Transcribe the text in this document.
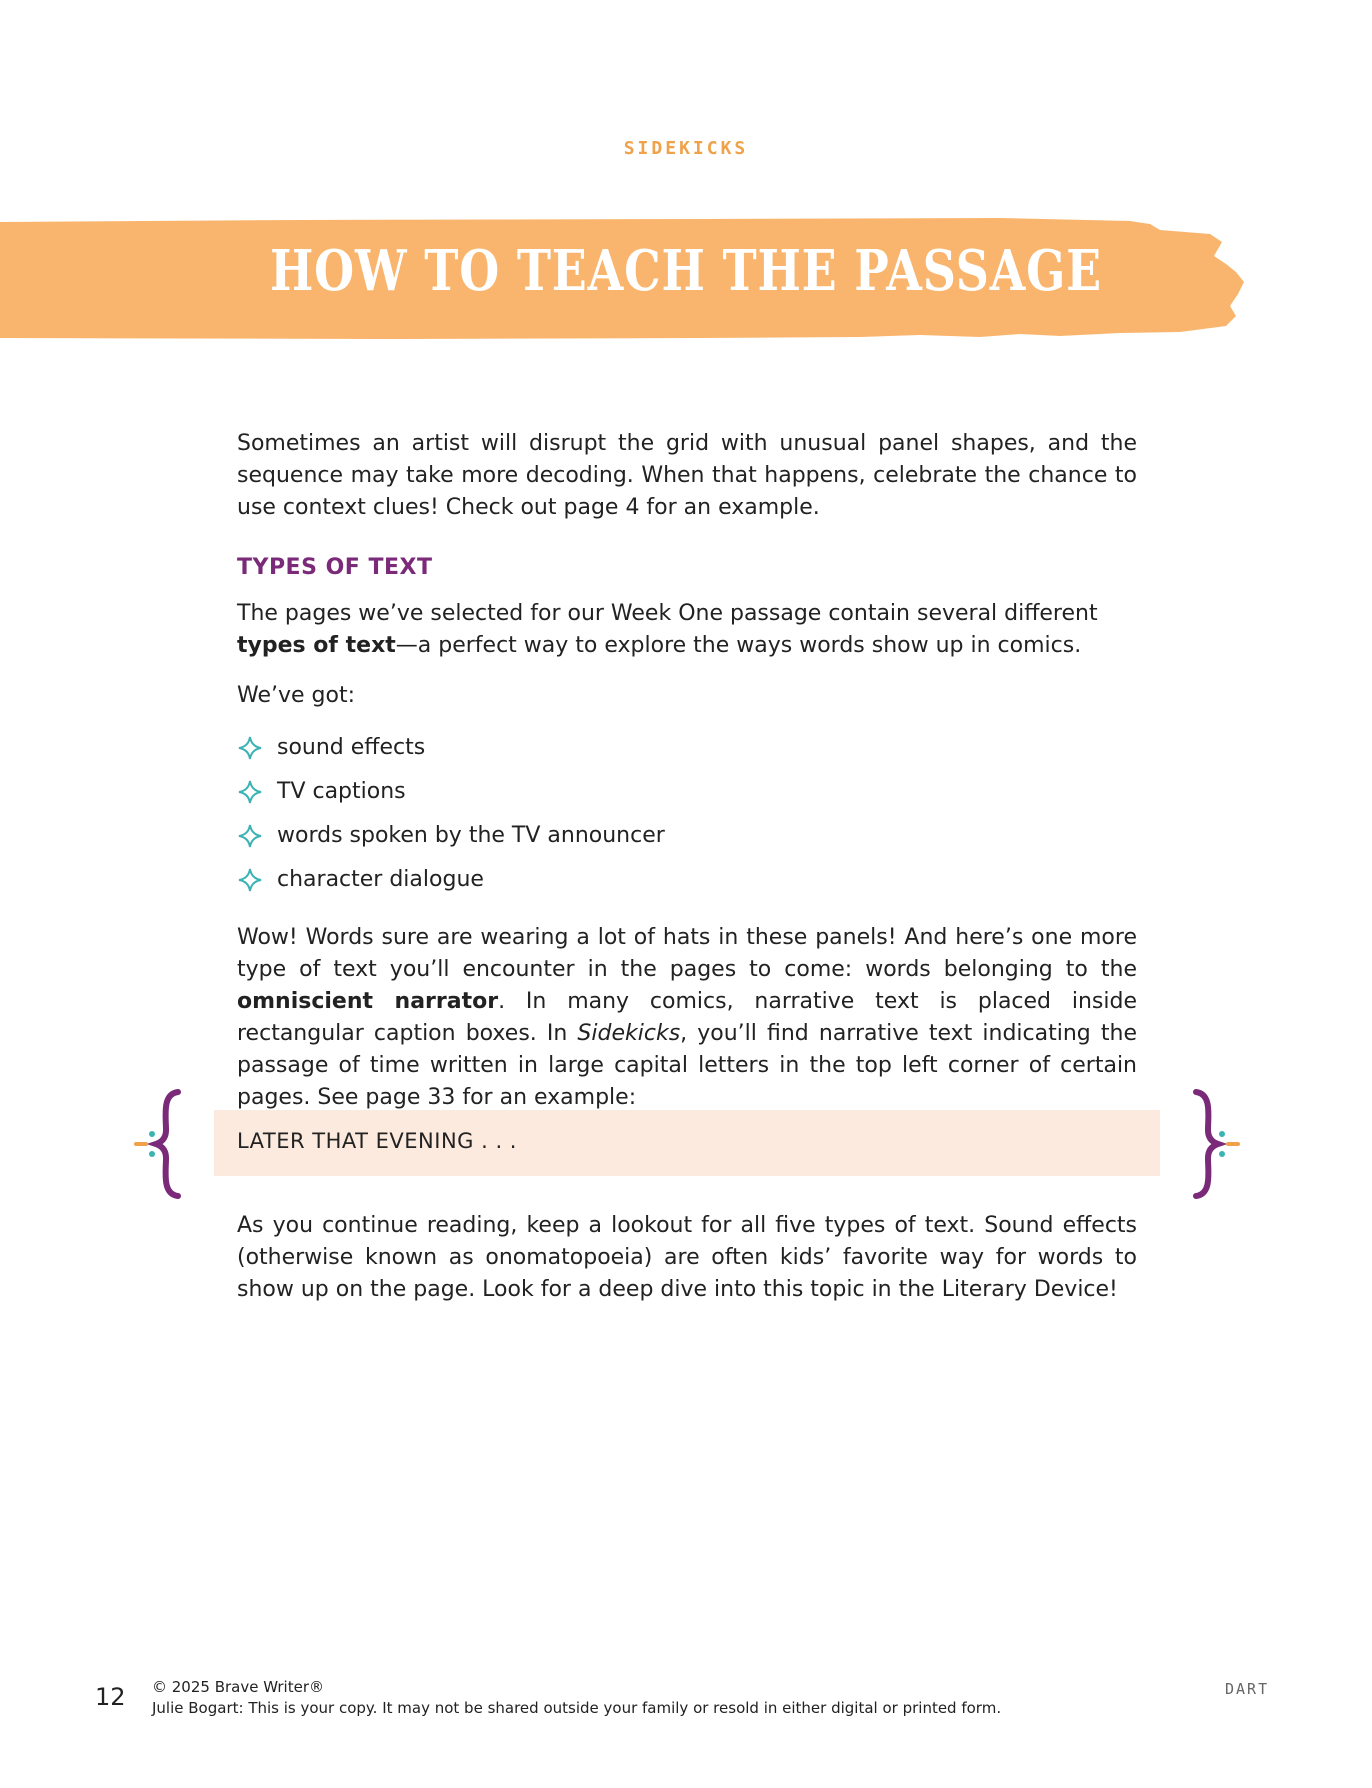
SIDEKICKS
HOW TO TEACH THE PASSAGE

Sometimes an artist will disrupt the grid with unusual panel shapes, and the sequence may take more decoding. When that happens, celebrate the chance to use context clues! Check out page 4 for an example.

TYPES OF TEXT

The pages we’ve selected for our Week One passage contain several different types of text—a perfect way to explore the ways words show up in comics.

We’ve got:

sound effects
TV captions
words spoken by the TV announcer
character dialogue

Wow! Words sure are wearing a lot of hats in these panels! And here’s one more type of text you’ll encounter in the pages to come: words belonging to the omniscient narrator. In many comics, narrative text is placed inside rectangular caption boxes. In Sidekicks, you’ll find narrative text indicating the passage of time written in large capital letters in the top left corner of certain pages. See page 33 for an example:

LATER THAT EVENING . . .

As you continue reading, keep a lookout for all five types of text. Sound effects (otherwise known as onomatopoeia) are often kids’ favorite way for words to show up on the page. Look for a deep dive into this topic in the Literary Device!

12 © 2025 Brave Writer®
Julie Bogart: This is your copy. It may not be shared outside your family or resold in either digital or printed form.
DART
